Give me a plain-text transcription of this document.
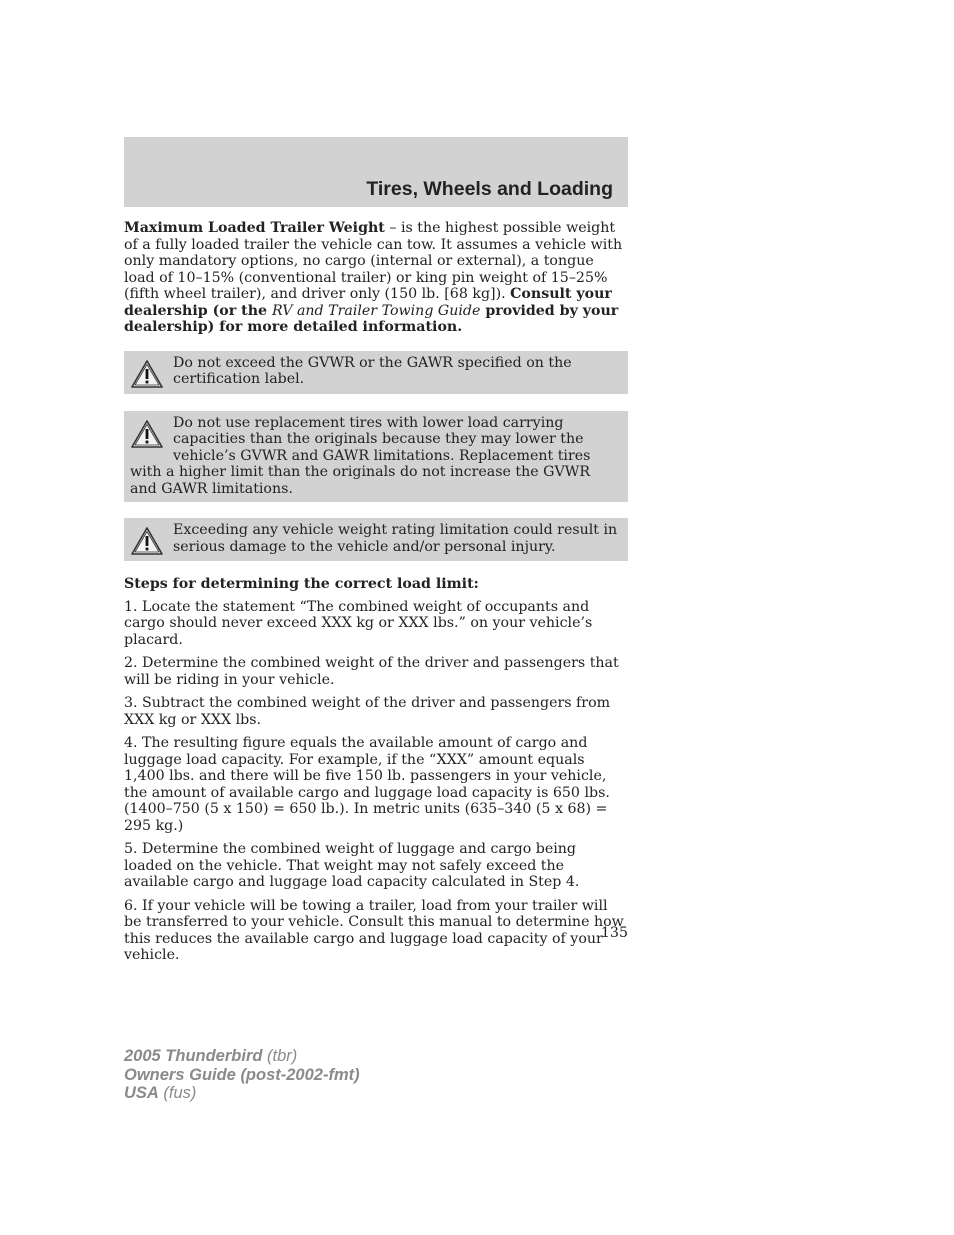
Tires, Wheels and Loading

Maximum Loaded Trailer Weight – is the highest possible weight of a fully loaded trailer the vehicle can tow. It assumes a vehicle with only mandatory options, no cargo (internal or external), a tongue load of 10–15% (conventional trailer) or king pin weight of 15–25% (fifth wheel trailer), and driver only (150 lb. [68 kg]). Consult your dealership (or the RV and Trailer Towing Guide provided by your dealership) for more detailed information.

Do not exceed the GVWR or the GAWR specified on the certification label.
Do not use replacement tires with lower load carrying capacities than the originals because they may lower the vehicle’s GVWR and GAWR limitations. Replacement tires with a higher limit than the originals do not increase the GVWR and GAWR limitations.
Exceeding any vehicle weight rating limitation could result in serious damage to the vehicle and/or personal injury.

Steps for determining the correct load limit:

1. Locate the statement “The combined weight of occupants and cargo should never exceed XXX kg or XXX lbs.” on your vehicle’s placard.

2. Determine the combined weight of the driver and passengers that will be riding in your vehicle.

3. Subtract the combined weight of the driver and passengers from XXX kg or XXX lbs.

4. The resulting figure equals the available amount of cargo and luggage load capacity. For example, if the “XXX” amount equals 1,400 lbs. and there will be five 150 lb. passengers in your vehicle, the amount of available cargo and luggage load capacity is 650 lbs. (1400–750 (5 x 150) = 650 lb.). In metric units (635–340 (5 x 68) = 295 kg.)

5. Determine the combined weight of luggage and cargo being loaded on the vehicle. That weight may not safely exceed the available cargo and luggage load capacity calculated in Step 4.

6. If your vehicle will be towing a trailer, load from your trailer will be transferred to your vehicle. Consult this manual to determine how this reduces the available cargo and luggage load capacity of your vehicle.

135
2005 Thunderbird (tbr)
Owners Guide (post-2002-fmt)
USA (fus)
